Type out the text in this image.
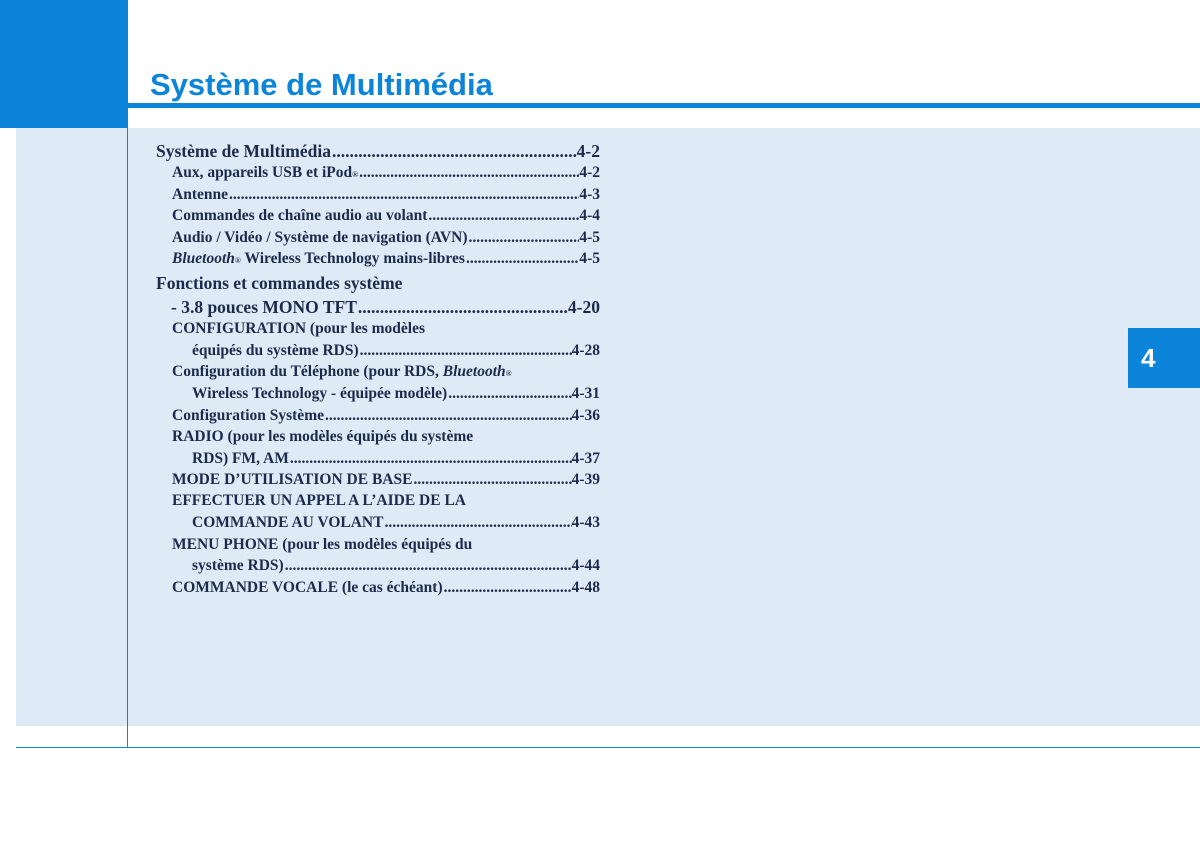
Système de Multimédia
4
Système de Multimédia .....	4-2
Aux, appareils USB et iPod ® .....	4-2
Antenne .....	4-3
Commandes de chaîne audio au volant .....	4-4
Audio / Vidéo / Système de navigation (AVN) .....	4-5
Bluetooth ® Wireless Technology mains-libres .....	4-5
Fonctions et commandes système
- 3.8 pouces MONO TFT .....	4-20
CONFIGURATION (pour les modèles
équipés du système RDS) .....	4-28
Configuration du Téléphone (pour RDS, Bluetooth ®
Wireless Technology - équipée modèle) .....	4-31
Configuration Système .....	4-36
RADIO (pour les modèles équipés du système
RDS) FM, AM .....	4-37
MODE D’UTILISATION DE BASE .....	4-39
EFFECTUER UN APPEL A L’AIDE DE LA
COMMANDE AU VOLANT .....	4-43
MENU PHONE (pour les modèles équipés du
système RDS) .....	4-44
COMMANDE VOCALE (le cas échéant) .....	4-48
